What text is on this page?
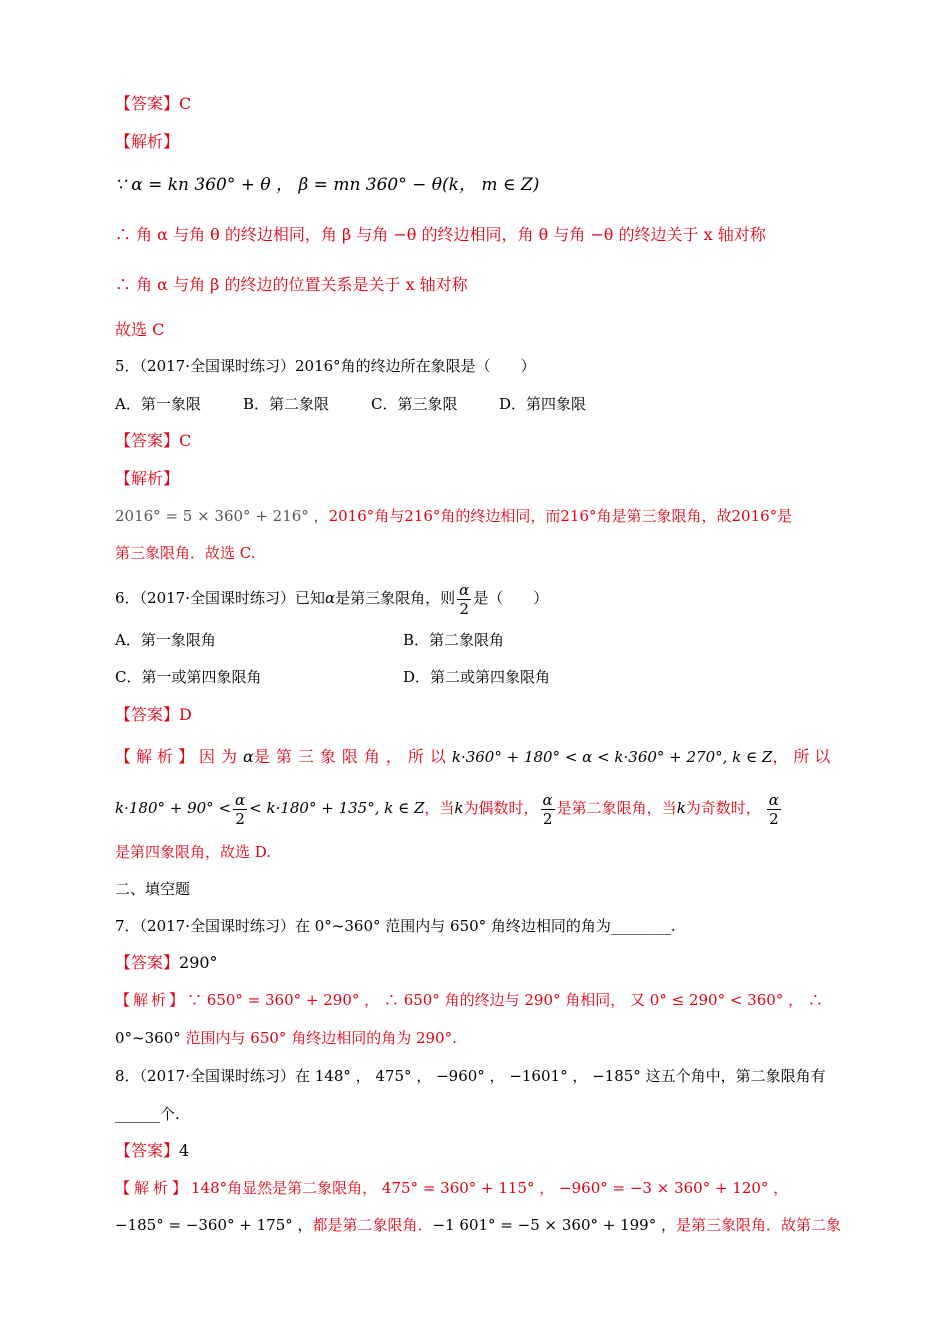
【答案】C
【解析】
∵ α = kn 360° + θ ， β = mn 360° − θ(k， m ∈ Z)
∴ 角 α 与角 θ 的终边相同，角 β 与角 −θ 的终边相同，角 θ 与角 −θ 的终边关于 x 轴对称
∴ 角 α 与角 β 的终边的位置关系是关于 x 轴对称
故选 C
5．（2017·全国课时练习）2016°角的终边所在象限是（　　）
A．第一象限	B．第二象限	C．第三象限	D．第四象限
【答案】C
【解析】
2016° = 5 × 360° + 216° ，2016°角与216°角的终边相同，而216°角是第三象限角，故2016°是
第三象限角．故选 C.
6．（2017·全国课时练习）已知α是第三象限角，则 $\frac{\alpha}{2}$ 是（　　）
A．第一象限角	B．第二象限角
C．第一或第四象限角	D．第二或第四象限角
【答案】D
【解析】因为α是第三象限角，所以k·360° + 180° < α < k·360° + 270°, k ∈ Z，所以
$k\cdot 180^\circ + 90^\circ < \frac{\alpha}{2} < k\cdot 180^\circ + 135^\circ$, k ∈ Z，当k为偶数时， $\frac{\alpha}{2}$ 是第二象限角，当k为奇数时， $\frac{\alpha}{2}$
是第四象限角，故选 D.
二、填空题
7．（2017·全国课时练习）在 0°~360° 范围内与 650° 角终边相同的角为________.
【答案】290°
【解析】∵ 650° = 360° + 290° ， ∴ 650° 角的终边与 290° 角相同， 又 0° ≤ 290° < 360° ， ∴
0°~360° 范围内与 650° 角终边相同的角为 290°.
8．（2017·全国课时练习）在 148° ， 475° ， −960° ， −1601° ， −185° 这五个角中，第二象限角有
______个.
【答案】4
【解析】148°角显然是第二象限角， 475° = 360° + 115° ， −960° = −3 × 360° + 120° ，
−185° = −360° + 175° ，都是第二象限角．−1 601° = −5 × 360° + 199° ，是第三象限角．故第二象
